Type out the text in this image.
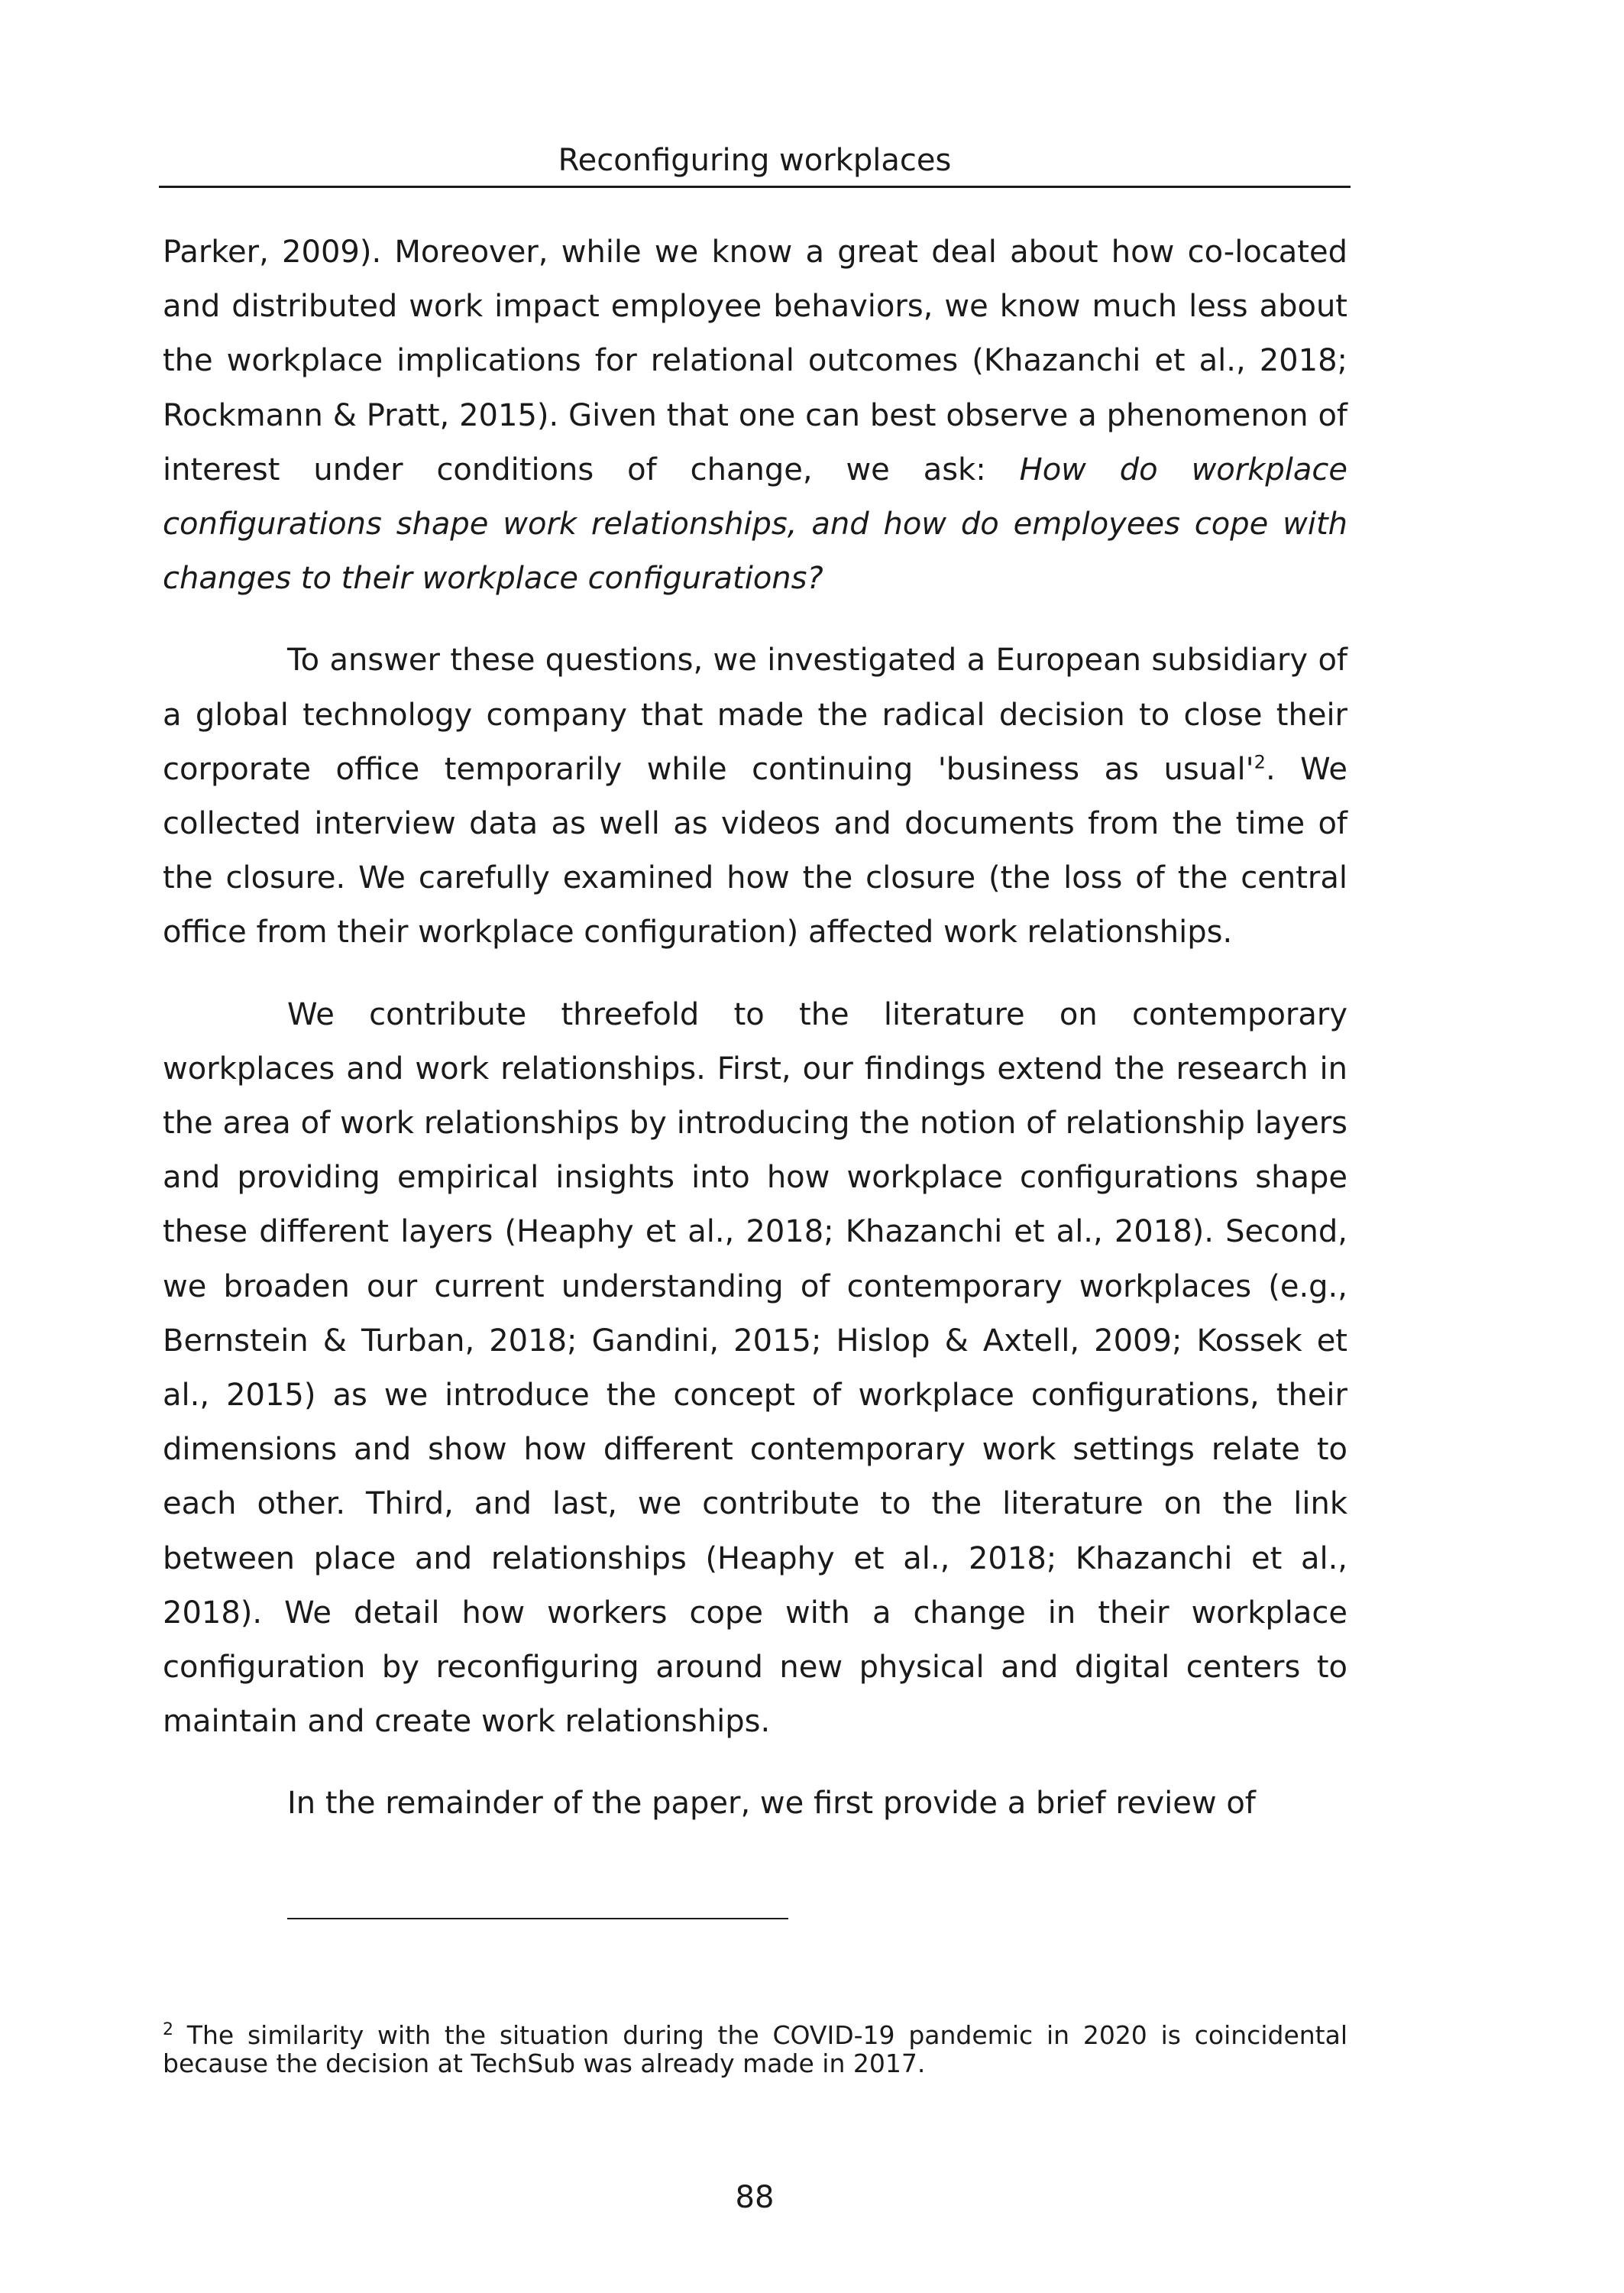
Reconfiguring workplaces

Parker, 2009). Moreover, while we know a great deal about how co-located and distributed work impact employee behaviors, we know much less about the workplace implications for relational outcomes (Khazanchi et al., 2018; Rockmann & Pratt, 2015). Given that one can best observe a phenomenon of interest under conditions of change, we ask: How do workplace configurations shape work relationships, and how do employees cope with changes to their workplace configurations?

To answer these questions, we investigated a European subsidiary of a global technology company that made the radical decision to close their corporate office temporarily while continuing 'business as $usual'^2$. We collected interview data as well as videos and documents from the time of the closure. We carefully examined how the closure (the loss of the central office from their workplace configuration) affected work relationships.

We contribute threefold to the literature on contemporary workplaces and work relationships. First, our findings extend the research in the area of work relationships by introducing the notion of relationship layers and providing empirical insights into how workplace configurations shape these different layers (Heaphy et al., 2018; Khazanchi et al., 2018). Second, we broaden our current understanding of contemporary workplaces (e.g., Bernstein & Turban, 2018; Gandini, 2015; Hislop & Axtell, 2009; Kossek et al., 2015) as we introduce the concept of workplace configurations, their dimensions and show how different contemporary work settings relate to each other. Third, and last, we contribute to the literature on the link between place and relationships (Heaphy et al., 2018; Khazanchi et al., 2018). We detail how workers cope with a change in their workplace configuration by reconfiguring around new physical and digital centers to maintain and create work relationships.

In the remainder of the paper, we first provide a brief review of

$^2$ The similarity with the situation during the COVID-19 pandemic in 2020 is coincidental because the decision at TechSub was already made in 2017.
88
